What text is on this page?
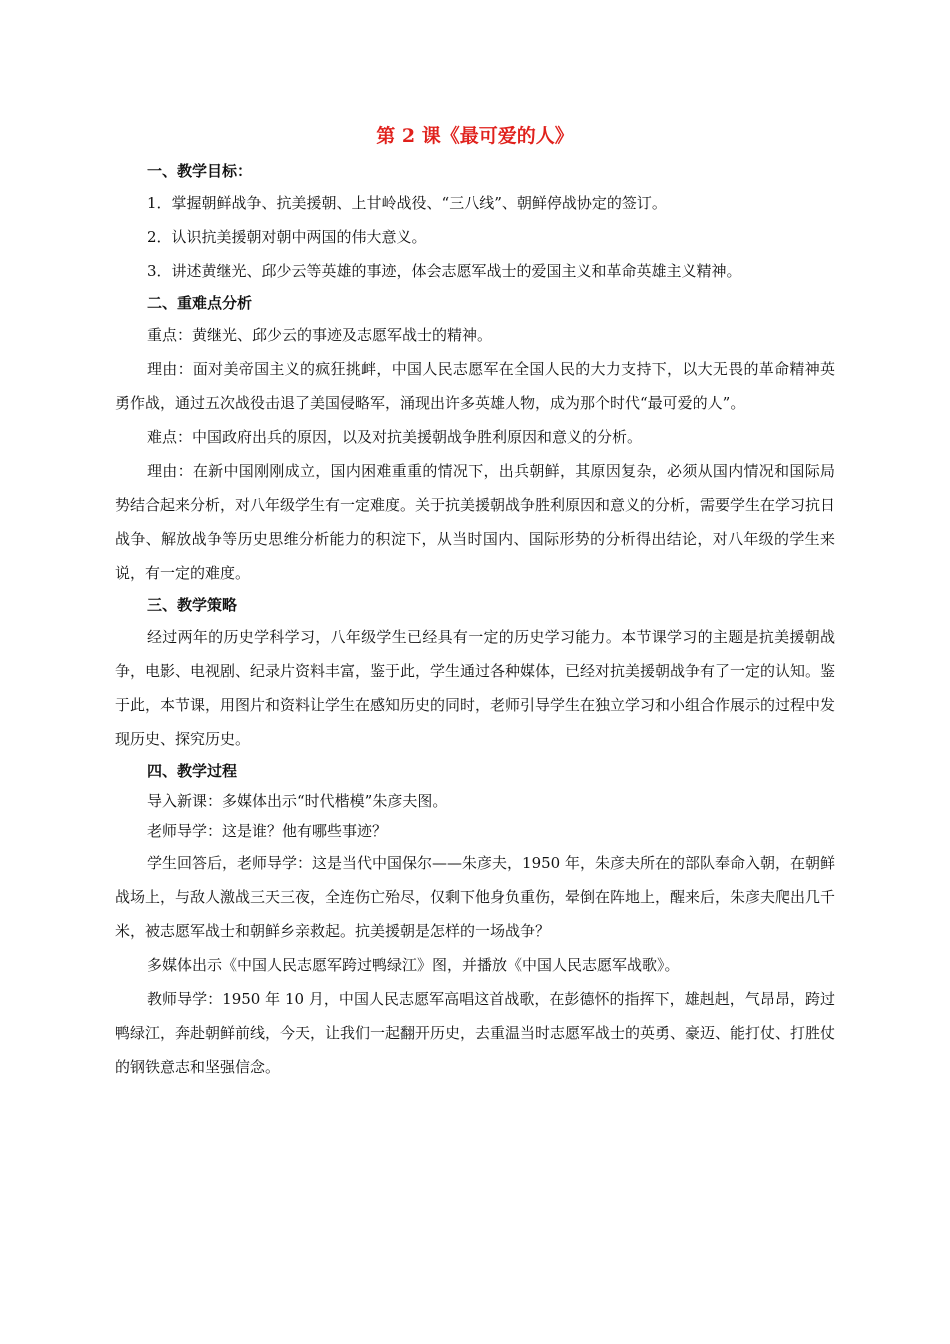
第 2 课《最可爱的人》

一、教学目标：

1．掌握朝鲜战争、抗美援朝、上甘岭战役、“三八线”、朝鲜停战协定的签订。

2．认识抗美援朝对朝中两国的伟大意义。

3．讲述黄继光、邱少云等英雄的事迹，体会志愿军战士的爱国主义和革命英雄主义精神。

二、重难点分析

重点：黄继光、邱少云的事迹及志愿军战士的精神。

理由：面对美帝国主义的疯狂挑衅，中国人民志愿军在全国人民的大力支持下，以大无畏的革命精神英勇作战，通过五次战役击退了美国侵略军，涌现出许多英雄人物，成为那个时代“最可爱的人”。

难点：中国政府出兵的原因，以及对抗美援朝战争胜利原因和意义的分析。

理由：在新中国刚刚成立，国内困难重重的情况下，出兵朝鲜，其原因复杂，必须从国内情况和国际局势结合起来分析，对八年级学生有一定难度。关于抗美援朝战争胜利原因和意义的分析，需要学生在学习抗日战争、解放战争等历史思维分析能力的积淀下，从当时国内、国际形势的分析得出结论，对八年级的学生来说，有一定的难度。

三、教学策略

经过两年的历史学科学习，八年级学生已经具有一定的历史学习能力。本节课学习的主题是抗美援朝战争，电影、电视剧、纪录片资料丰富，鉴于此，学生通过各种媒体，已经对抗美援朝战争有了一定的认知。鉴于此，本节课，用图片和资料让学生在感知历史的同时，老师引导学生在独立学习和小组合作展示的过程中发现历史、探究历史。

四、教学过程

导入新课：多媒体出示“时代楷模”朱彦夫图。

老师导学：这是谁？他有哪些事迹？

学生回答后，老师导学：这是当代中国保尔——朱彦夫，1950 年，朱彦夫所在的部队奉命入朝，在朝鲜战场上，与敌人激战三天三夜，全连伤亡殆尽，仅剩下他身负重伤，晕倒在阵地上，醒来后，朱彦夫爬出几千米，被志愿军战士和朝鲜乡亲救起。抗美援朝是怎样的一场战争？

多媒体出示《中国人民志愿军跨过鸭绿江》图，并播放《中国人民志愿军战歌》。

教师导学：1950 年 10 月，中国人民志愿军高唱这首战歌，在彭德怀的指挥下，雄赳赳，气昂昂，跨过鸭绿江，奔赴朝鲜前线，今天，让我们一起翻开历史，去重温当时志愿军战士的英勇、豪迈、能打仗、打胜仗的钢铁意志和坚强信念。
